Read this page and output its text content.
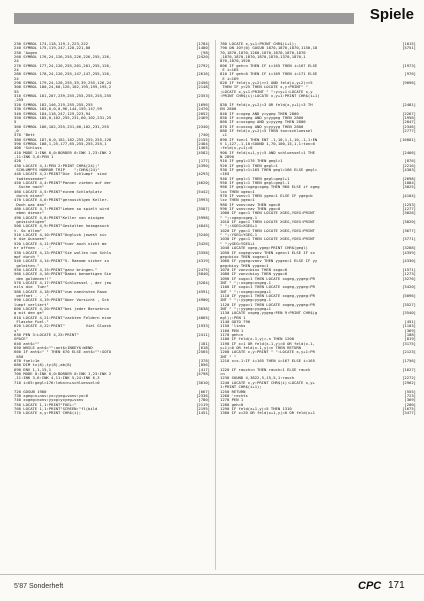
Spiele
230 SYMBOL 174,118,119,1,223,222	[1784]
240 SYMBOL 175,119,247,128,221,80	[1480]
250 'Augen	[98]
260 SYMBOL 176,24,126,255,226,226,255,126,	[2420]
24
270 SYMBOL 177,24,126,255,201,201,255,126,	[2792]
24
280 SYMBOL 178,24,126,255,147,147,255,126,	[2616]
24
290 SYMBOL 179,24,126,255,39,39,255,126,24	[2456]
300 SYMBOL 180,24,60,126,102,195,195,195,2	[2148]
55
310 SYMBOL 181,207,239,255,255,255,255,255	[2353]
,255
320 SYMBOL 182,146,219,255,255,255	[1696]
330 SYMBOL 183,0,0,0,96,144,159,147,99	[2470]
340 SYMBOL 184,118,247,129,223,94	[2052]
350 SYMBOL 185,0,102,255,231,60,102,231,25	[2469]
5
360 SYMBOL 186,102,255,231,60,102,231,255	[2340]
,0
370 'Bett	[740]
380 SYMBOL 187,0,0,181,182,255,255,255,128	[2155]
390 SYMBOL 188,1,25,177,65,255,255,255,1	[2484]
400 'Schluss	[1465]
410 MODE 1:INK 0,0:BORDER 0:INK 1,23:INK 2	[4582]
,11:INK 3,6:PEN 1
420 '	[177]
430 LOCATE 4,1:PEN 2:PRINT CHR$(24);"	[4390]
SCHLUMPFS HORROR TRIP    ";CHR$(24)"
440 LOCATE 4,2:PRINT"Die  Schlumpf  sind	[4293]
todtessender"
450 LOCATE 4,4:PRINT"Panner ziehen auf der	[4620]
Suche nach"
460 LOCATE 4,5:PRINT"einem Schlafplatz	[5442]
durch einen"
470 LOCATE 4,6:PRINT"gerauschlgen Keller.	[3993]
Doch was das"
480 LOCATE 4,7:PRINT"Leben so spielt wird	[3587]
eben dieser"
490 LOCATE 4,8:PRINT"Keller von einigen	[5998]
geisichtigen"
500 LOCATE 4,9:PRINT"Gestalten heimgesuch	[4845]
t. So allem"
510 LOCATE 4,10:PRINT"Ungluck jewest sic	[3240]
h die Ausseen"
520 LOCATE 4,11:PRINT"tuer auch nicht me	[3426]
hr offnen . . ."
530 LOCATE 4,13:PRINT"Sie wollen nun Schlu	[3358]
mpf durch "
540 LOCATE 4,14:PRINT"5. Raeume sicher zu	[4319]
geleiten."
550 LOCATE 4,15:PRINT"ganz bringen."	[2475]
560 LOCATE 4,16:PRINT"Dabei benoetigen Sie	[5840]
den goldenen!!"
570 LOCATE 4,17:PRINT"Schluessel , der jew	[3284]
eils die  Tuer"
580 LOCATE 4,18:PRINT"zum naechsten Raum	[4591]
oeffnet . . ."
590 LOCATE 4,19:PRINT"Aber Vorsicht , Sch	[4900]
luepf verliert"
600 LOCATE 4,20:PRINT"bei jeder Beruehrun	[3638]
g mit den ge"
610 LOCATE 4,21:PRINT"zackten Feldern eine	[4065]
Flasche Fuel."
620 LOCATE 4,22:PRINT"         Viel Glueck	[1933]
s"
630 PEN 3:LOCATE 4,25:PRINT"	[2411]
SPACE"
640 ant$=""	[181]
650 WHILE ant$="":ant$=INKEY$:WEND	[618]
660 IF ant$=" " THEN 670 ELSE ant$="":GOTO	[2565]
650
670 fuel=1e	[378]
680 DIM tx(8),ty(8),ab(8)	[856]
690 ENV 1,1,15,1	[417]
700 MODE 0:INK 0,0:BORDER 0:INK 1,23:INK 2	[4798]
,11:INK 3,6:INK 4,11:INK 5,24:INK 6,3
710 i=65:gegl=176:lebn=n+schluessel=0	[3610]
720 GOSUB 1980	[667]
730 xgeg=n+nov:yx=yyeg+vonv:yo=0	[2336]
740 xxgeg=nonv:yyxg=yxyeg+vonv	[780]
750 LOCATE 1,1:PRINT"FUEL:"	[2119]
760 LOCATE 1,1:PRINT"SCREEN:"fl(bild	[2195]
770 LOCATE x,y:PRINT CHR$(i);	[1451]
780 LOCATE x,y+1:PRINT CHR$(i+1);	[1015]
790 ON JOY(0) GOSUB 1870,1870,1870,1150,18	[5751]
70,1870,1870,1260,1870,1870,1870,1870
,1870,1870,1870,1870,1870,1370,1870,1
870,1870,1920
800 IF geh=n THEN IF i=165 THEN i=167 ELSE	[1973]
E i=165
810 IF geh=0 THEN IF i=169 THEN i=171 ELSE	[976]
E i=169
820 IF feld(x,y+2)<>1 AND feld(x,y+2)<>5	[9096]
THEN IF y<25 THEN LOCATE x,y:PRINT" "
;LOCATE x,y+1:PRINT " ":y=y+1:LOCATE x,y
:PRINT CHR$(i):LOCATE x,y+1:PRINT CHR$(i+1)
830 IF feld(x,y+2)=3 OR feld(x,y+1)=3 TH	[2481]
EN 2800
840 IF x=xgeg AND y=ygeg THEN 2800	[2267]
850 IF x=xxgeg AND y=yygeg THEN 2800	[1958]
860 IF x=xxxgeg AND y=yyyeg THEN 2800	[2847]
870 IF x=xxxxg AND y=yyyyg THEN 2800	[2346]
880 IF feld(x,y+2)=5 THEN ton=schluessel	[2777]
+1
890 IF ton=1 THEN ENT -1,10,1,1,10,-1,1:EN	[16001]
V 1,127,-1,10:SOUND 1,70,100,15,1,1:ton=0
:feld(x,y+1)=0
900 IF feld(x+1,y)=5 AND schluessel=1 THE	[2466]
N 2890
910 IF gegl=176 THEN gegl=1	[876]
920 IF gegl=1 THEN gegl=1	[2216]
930 IF gegl=1=165 THEN gegl=166 ELSE gegl=	[4303]
=165
940 IF gegl=1 THEN gegl=gegl+1	[2698]
950 IF gegl=1 THEN gegl=gegl-1	[1084]
960 IF gegl=xgeg=xgeg THEN 960 ELSE if xgeg	[3025]
lxx THEN xgeo=1
970 IF vonv=1 THEN ygeo=1 ELSE IF ygeg=b	[4104]
lxv THEN ygeo=1
980 IF vonv=nav THEN xgo=0	[1253]
990 IF vonv=nav THEN ygo=0	[1277]
1000 IF xgo=1 THEN LOCATE XGEG,YGEG:PRINT	[3826]
" ";:xgeg=xgeg-1
1010 IF xgo=1 THEN LOCATE XGEG,YGEG:PRINT	[3820]
" ";:XGEG=XGEG+1
1020 IF ygo=1 THEN LOCATE XGEG,YGEG:PRINT	[3677]
" ";:YGEG=YGEG-1
1030 IF ygo=1 THEN LOCATE XGEG,YGEG:PRINT	[3771]
" ";yGEG=YGEG+1
1040 LOCATE xgeg,ygeg:PRINT CHR$(gegl)	[3288]
1050 IF xxgeg=vonv THEN xgeo=1 ELSE IF xx	[4359]
geg=bixx THEN xxgeo=1
1060 IF yygeg=vonv THEN yygeo=1 ELSE IF yy	[4330]
geg=bixy THEN yygeo=1
1070 IF vonv=bixx THEN xxgo=0	[1571]
1080 IF vonv=bixy THEN yygo=0	[1273]
1090 IF xxgo=1 THEN LOCATE xxgeg,yygeg:PR	[3276]
INT " ";:xxgeg=xxgeg-1
1100 IF xxgo=1 THEN LOCATE xxgeg,yygeg:PR	[3420]
INT " ";:xxgeg=xxgeg+1
1110 IF yygo=1 THEN LOCATE xxgeg,yygeg:PR	[5096]
INT " ";:yygeg=yygeg-1
1120 IF yygo=1 THEN LOCATE xxgeg,yygeg:PR	[3527]
INT " ";:yygeg=yygeg+1
1130 LOCATE xxgeg,yygeg:PEN 9:PRINT CHR$(g	[3540]
egl);:PEN 1
1140 GOTO 790	[451]
1150 'links	[1103]
1160 PEN 1	[369]
1170 geh=n	[188]
1180 IF feld(x-1,y)=-n THEN 1200	[819]
1190 IF x=1 OR feld(x-1,y)=0 OR feld(x-1,	[3175]
y+1)=0 OR feld(x-1,y)=n THEN RETURN
1200 LOCATE x,y:PRINT " ":LOCATE x,y+1:PR	[2123]
INT " "
1210 x=x-1:IF i=165 THEN i=167 ELSE i=165	[1756]
1220 IF rauch=n THEN rauch=1 ELSE rauch	[1627]
=n
1230 SOUND 4,3822,5,15,5,1:rauch	[2272]
1240 LOCATE x,y:PRINT CHR$(i):LOCATE x,y+	[2962]
1:PRINT CHR$(i+1);
1250 RETURN	[555]
1260 'rechts	[723]
1270 PEN 1	[369]
1280 geh=0	[200]
1290 IF feld(x+1,y)=5 THEN 1310	[1675]
1300 IF x=20 OR feld(x+1,y)=0 OR feld(x+1	[3477]
5'87 Sonderheft	CPC 171
